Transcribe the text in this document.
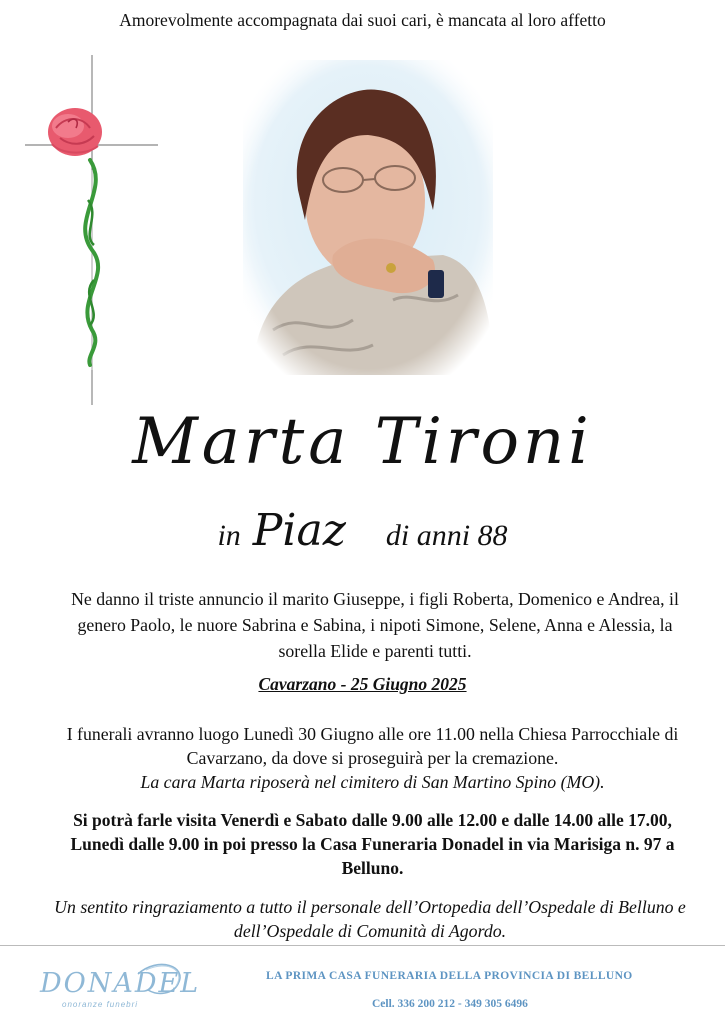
Amorevolmente accompagnata dai suoi cari, è mancata al loro affetto
Marta Tironi
in Piaz di anni 88
Ne danno il triste annuncio il marito Giuseppe, i figli Roberta, Domenico e Andrea, il genero Paolo, le nuore Sabrina e Sabina, i nipoti Simone, Selene, Anna e Alessia, la sorella Elide e parenti tutti.
Cavarzano - 25 Giugno 2025
I funerali avranno luogo Lunedì 30 Giugno alle ore 11.00 nella Chiesa Parrocchiale di Cavarzano, da dove si proseguirà per la cremazione.
La cara Marta riposerà nel cimitero di San Martino Spino (MO).
Si potrà farle visita Venerdì e Sabato dalle 9.00 alle 12.00 e dalle 14.00 alle 17.00, Lunedì dalle 9.00 in poi presso la Casa Funeraria Donadel in via Marisiga n. 97 a Belluno.
Un sentito ringraziamento a tutto il personale dell’Ortopedia dell’Ospedale di Belluno e dell’Ospedale di Comunità di Agordo.
DONADEL
onoranze funebri
LA PRIMA CASA FUNERARIA DELLA PROVINCIA DI BELLUNO
Cell. 336 200 212 - 349 305 6496
